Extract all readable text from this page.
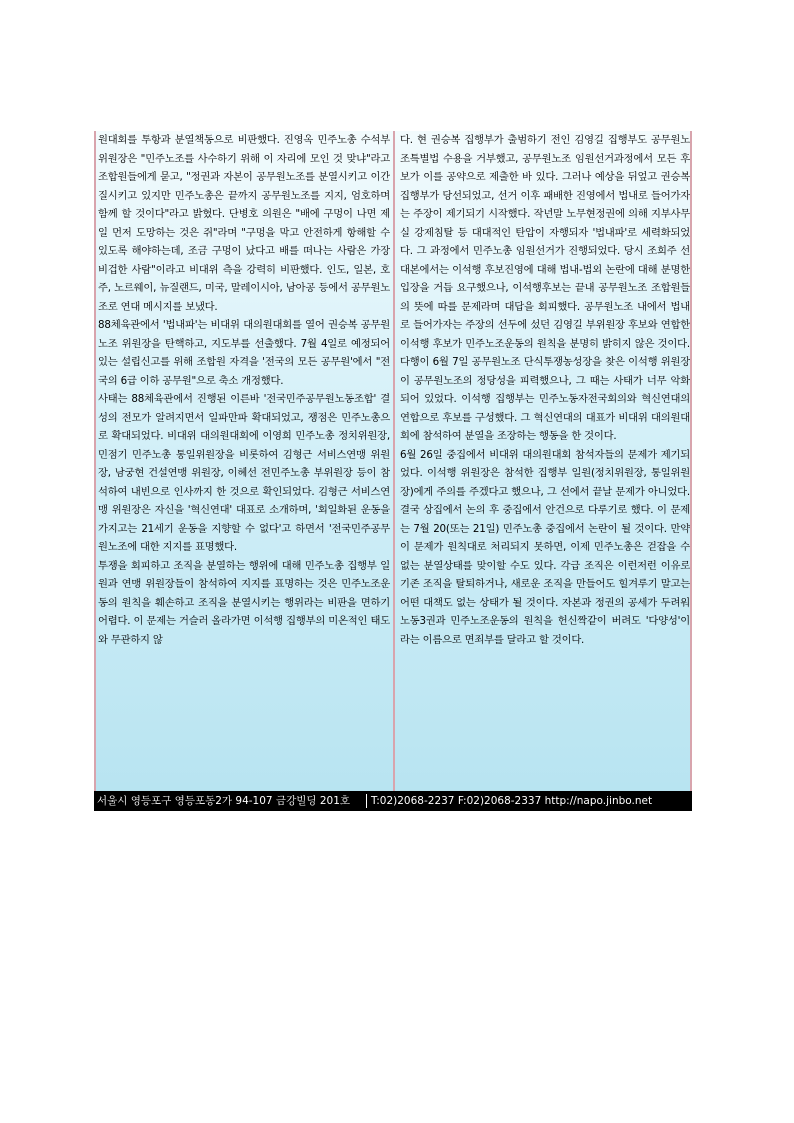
원대회를 투항과 분열책동으로 비판했다. 진영옥 민주노총 수석부위원장은 "민주노조를 사수하기 위해 이 자리에 모인 것 맞냐"라고 조합원들에게 묻고, "정권과 자본이 공무원노조를 분열시키고 이간질시키고 있지만 민주노총은 끝까지 공무원노조를 지지, 엄호하며 함께 할 것이다"라고 밝혔다. 단병호 의원은 "배에 구멍이 나면 제일 먼저 도망하는 것은 쥐"라며 "구멍을 막고 안전하게 항해할 수 있도록 해야하는데, 조금 구멍이 났다고 배를 떠나는 사람은 가장 비겁한 사람"이라고 비대위 측을 강력히 비판했다. 인도, 일본, 호주, 노르웨이, 뉴질랜드, 미국, 말레이시아, 남아공 등에서 공무원노조로 연대 메시지를 보냈다.

88체육관에서 '법내파'는 비대위 대의원대회를 열어 권승복 공무원노조 위원장을 탄핵하고, 지도부를 선출했다. 7월 4일로 예정되어 있는 설립신고를 위해 조합원 자격을 '전국의 모든 공무원'에서 "전국의 6급 이하 공무원"으로 축소 개정했다.

사태는 88체육관에서 진행된 이른바 '전국민주공무원노동조합' 결성의 전모가 알려지면서 일파만파 확대되었고, 쟁점은 민주노총으로 확대되었다. 비대위 대의원대회에 이영희 민주노총 정치위원장, 민점기 민주노총 통일위원장을 비롯하여 김형근 서비스연맹 위원장, 남궁현 건설연맹 위원장, 이혜선 전민주노총 부위원장 등이 참석하여 내빈으로 인사까지 한 것으로 확인되었다. 김형근 서비스연맹 위원장은 자신을 '혁신연대' 대표로 소개하며, '회일화된 운동을 가지고는 21세기 운동을 지향할 수 없다'고 하면서 '전국민주공무원노조에 대한 지지를 표명했다.

투쟁을 회피하고 조직을 분열하는 행위에 대해 민주노총 집행부 일원과 연맹 위원장들이 참석하여 지지를 표명하는 것은 민주노조운동의 원칙을 훼손하고 조직을 분열시키는 행위라는 비판을 면하기 어렵다. 이 문제는 거슬러 올라가면 이석행 집행부의 미온적인 태도와 무관하지 않

다. 현 권승복 집행부가 출범하기 전인 김영길 집행부도 공무원노조특별법 수용을 거부했고, 공무원노조 임원선거과정에서 모든 후보가 이를 공약으로 제출한 바 있다. 그러나 예상을 뒤엎고 권승복 집행부가 당선되었고, 선거 이후 패배한 진영에서 법내로 들어가자는 주장이 제기되기 시작했다. 작년말 노무현정권에 의해 지부사무실 강제침탈 등 대대적인 탄압이 자행되자 '법내파'로 세력화되었다. 그 과정에서 민주노총 임원선거가 진행되었다. 당시 조희주 선대본에서는 이석행 후보진영에 대해 법내-법외 논란에 대해 분명한 입장을 거듭 요구했으나, 이석행후보는 끝내 공무원노조 조합원들의 뜻에 따를 문제라며 대답을 회피했다. 공무원노조 내에서 법내로 들어가자는 주장의 선두에 섰던 김영길 부위원장 후보와 연합한 이석행 후보가 민주노조운동의 원칙을 분명히 밝히지 않은 것이다. 다행이 6월 7일 공무원노조 단식투쟁농성장을 찾은 이석행 위원장이 공무원노조의 정당성을 피력했으나, 그 때는 사태가 너무 악화되어 있었다. 이석행 집행부는 민주노동자전국회의와 혁신연대의 연합으로 후보를 구성했다. 그 혁신연대의 대표가 비대위 대의원대회에 참석하여 분열을 조장하는 행동을 한 것이다.

6월 26일 중집에서 비대위 대의원대회 참석자들의 문제가 제기되었다. 이석행 위원장은 참석한 집행부 일원(정치위원장, 통일위원장)에게 주의를 주겠다고 했으나, 그 선에서 끝날 문제가 아니었다. 결국 상집에서 논의 후 중집에서 안건으로 다루기로 했다. 이 문제는 7월 20(또는 21일) 민주노총 중집에서 논란이 될 것이다. 만약 이 문제가 원칙대로 처리되지 못하면, 이제 민주노총은 걷잡을 수 없는 분열상태를 맞이할 수도 있다. 각급 조직은 이런저런 이유로 기존 조직을 탈퇴하거나, 새로운 조직을 만들어도 힐겨루기 말고는 어떤 대책도 없는 상태가 될 것이다. 자본과 정권의 공세가 두려워 노동3권과 민주노조운동의 원칙을 헌신짝같이 버려도 '다양성'이라는 이름으로 면죄부를 달라고 할 것이다.

서울시 영등포구 영등포동2가 94-107 금강빌딩 201호 T:02)2068-2237 F:02)2068-2337 http://napo.jinbo.net
